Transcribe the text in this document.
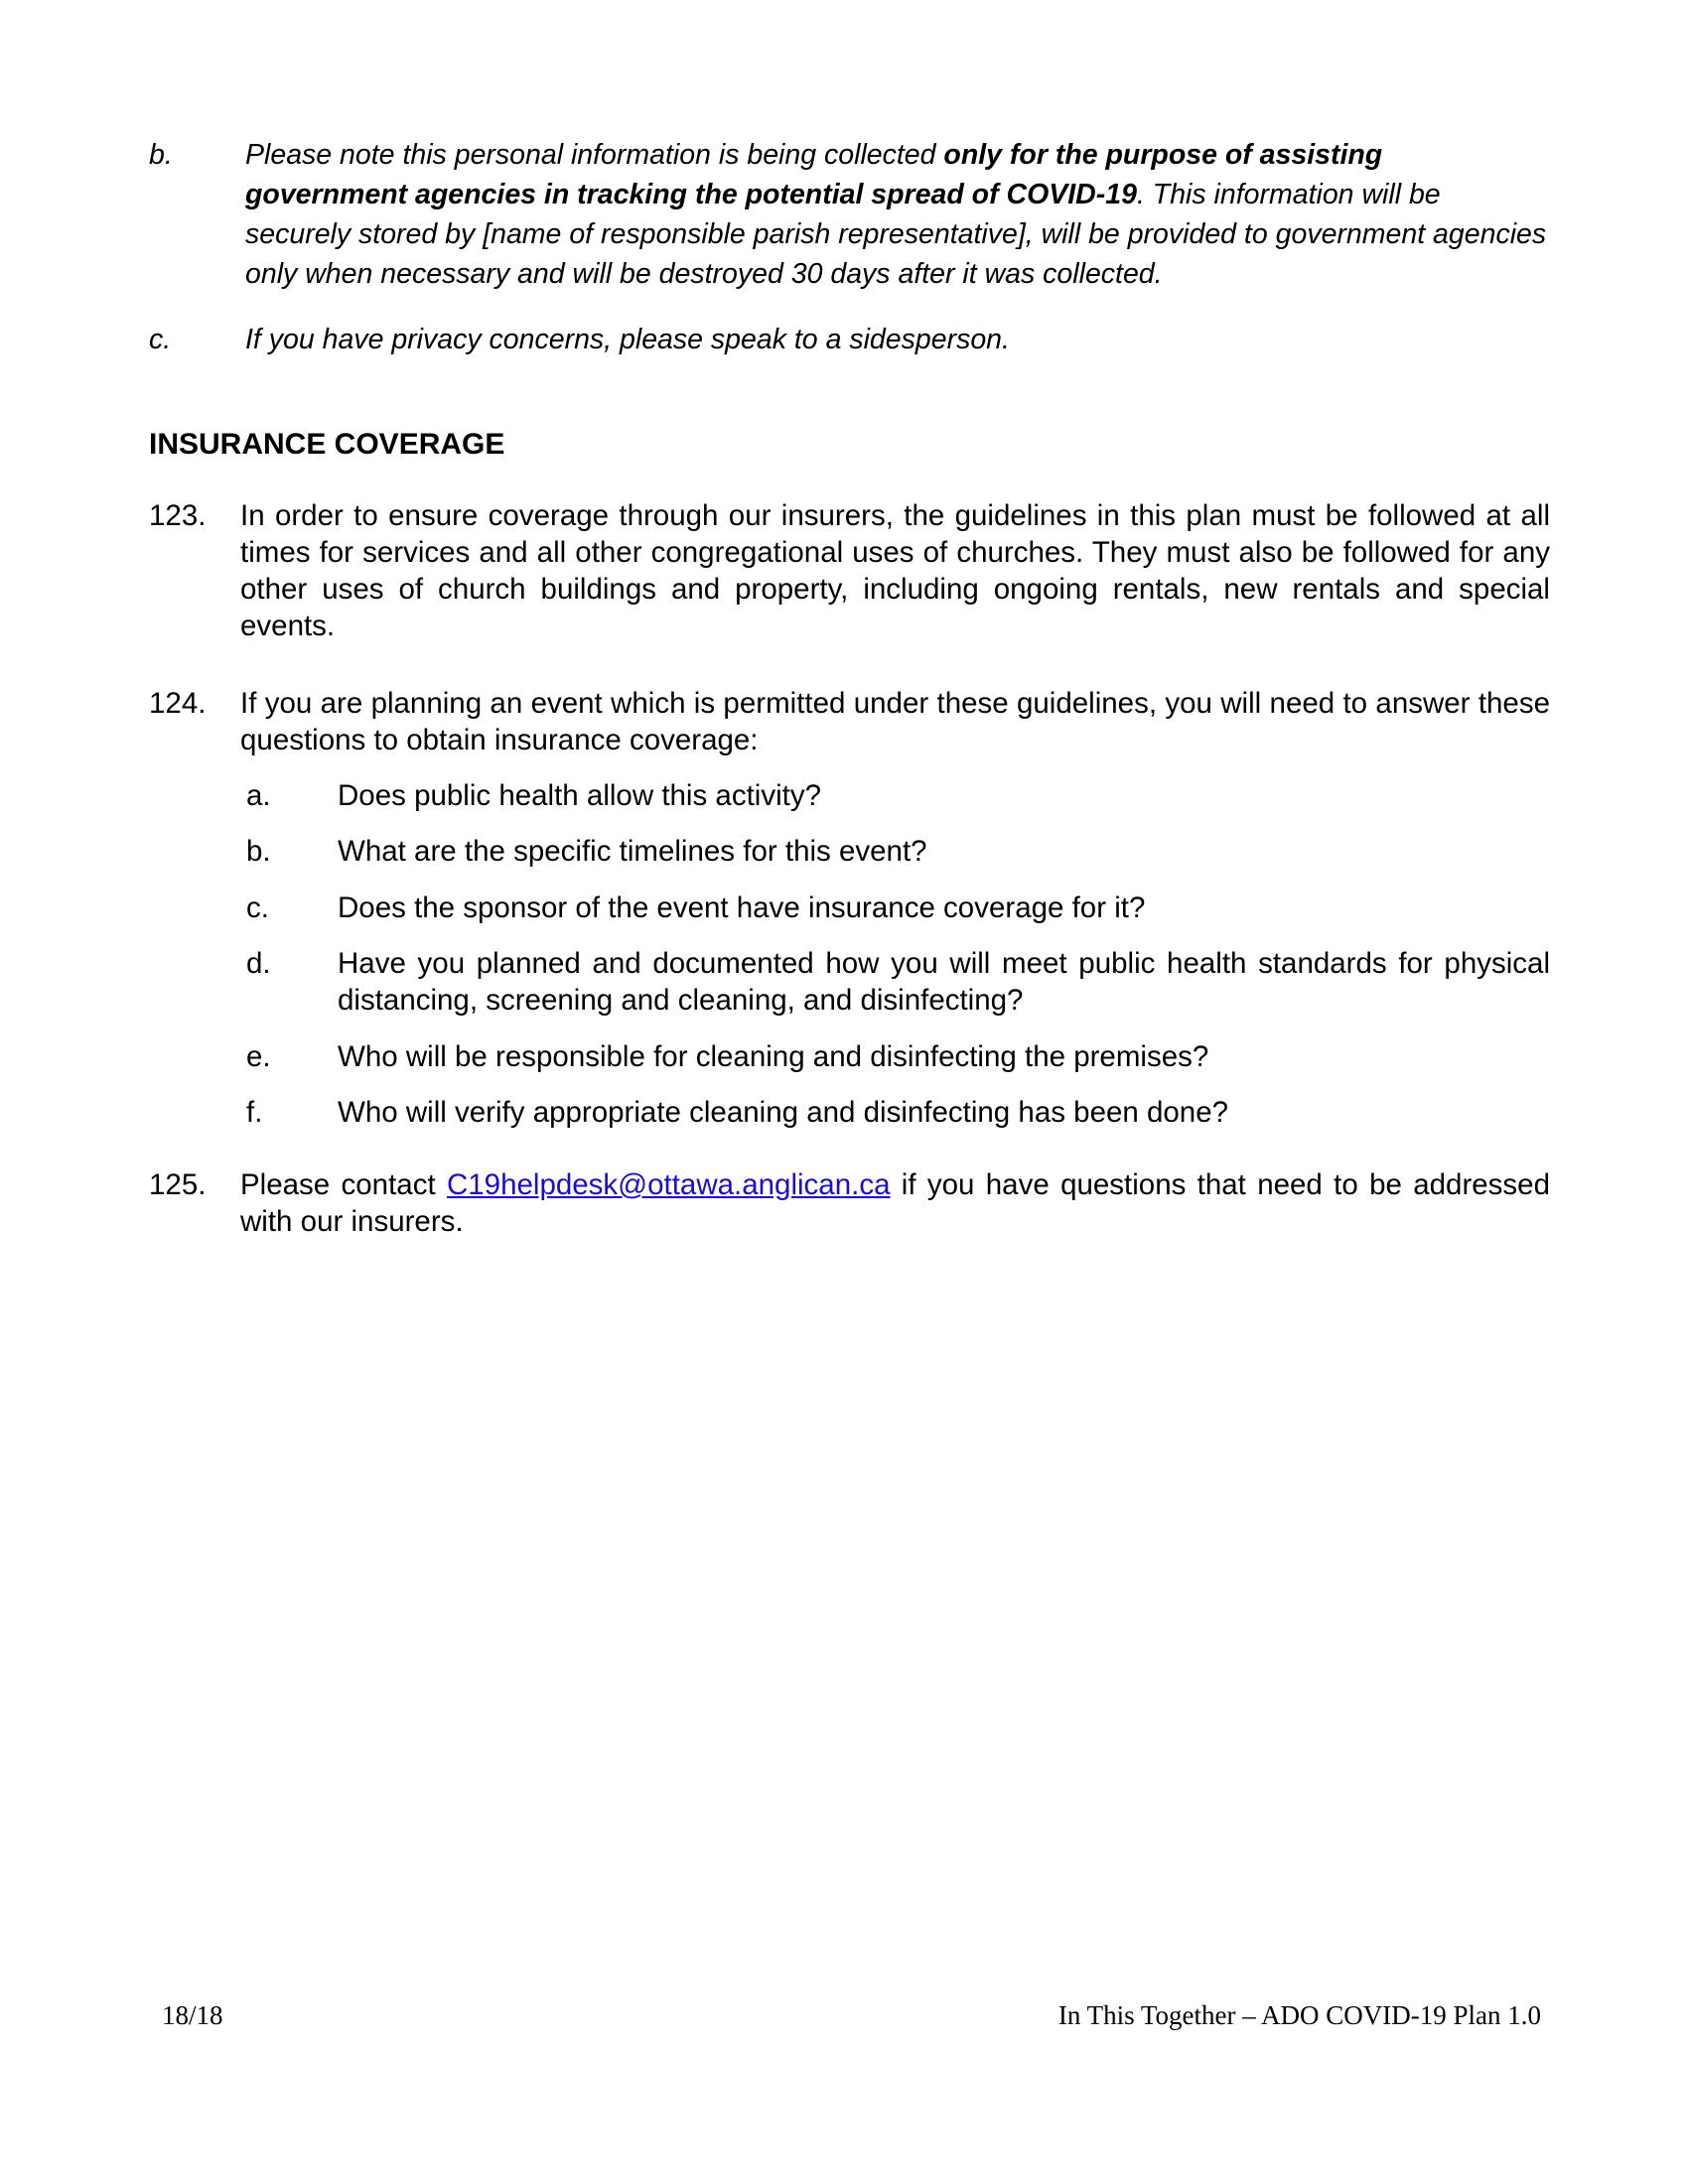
b.	Please note this personal information is being collected only for the purpose of assisting government agencies in tracking the potential spread of COVID-19. This information will be securely stored by [name of responsible parish representative], will be provided to government agencies only when necessary and will be destroyed 30 days after it was collected.
c.	If you have privacy concerns, please speak to a sidesperson.
INSURANCE COVERAGE
123.	In order to ensure coverage through our insurers, the guidelines in this plan must be followed at all times for services and all other congregational uses of churches. They must also be followed for any other uses of church buildings and property, including ongoing rentals, new rentals and special events.
124.	If you are planning an event which is permitted under these guidelines, you will need to answer these questions to obtain insurance coverage:
a.	Does public health allow this activity?
b.	What are the specific timelines for this event?
c.	Does the sponsor of the event have insurance coverage for it?
d.	Have you planned and documented how you will meet public health standards for physical distancing, screening and cleaning, and disinfecting?
e.	Who will be responsible for cleaning and disinfecting the premises?
f.	Who will verify appropriate cleaning and disinfecting has been done?
125.	Please contact C19helpdesk@ottawa.anglican.ca if you have questions that need to be addressed with our insurers.
18/18	In This Together – ADO COVID-19 Plan 1.0
